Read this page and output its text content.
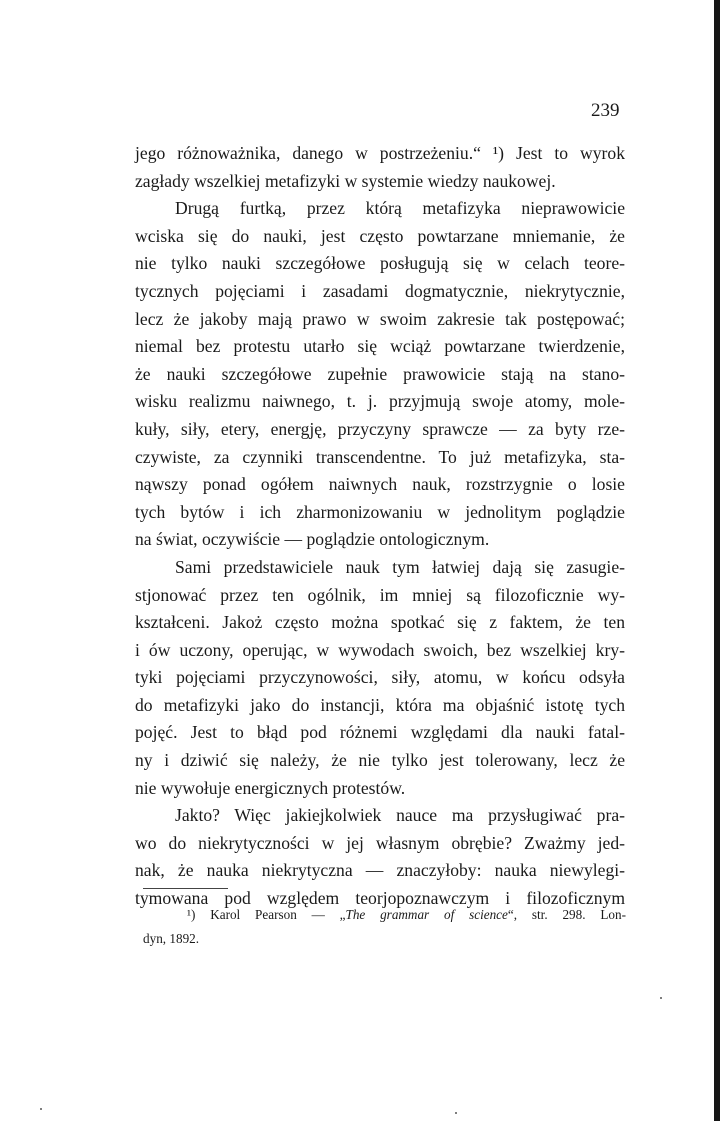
239
jego różnoważnika, danego w postrzeżeniu.“ ¹) Jest to wyrok
zagłady wszelkiej metafizyki w systemie wiedzy naukowej.
Drugą furtką, przez którą metafizyka nieprawowicie
wciska się do nauki, jest często powtarzane mniemanie, że
nie tylko nauki szczegółowe posługują się w celach teore-
tycznych pojęciami i zasadami dogmatycznie, niekrytycznie,
lecz że jakoby mają prawo w swoim zakresie tak postępować;
niemal bez protestu utarło się wciąż powtarzane twierdzenie,
że nauki szczegółowe zupełnie prawowicie stają na stano-
wisku realizmu naiwnego, t. j. przyjmują swoje atomy, mole-
kuły, siły, etery, energję, przyczyny sprawcze — za byty rze-
czywiste, za czynniki transcendentne. To już metafizyka, sta-
nąwszy ponad ogółem naiwnych nauk, rozstrzygnie o losie
tych bytów i ich zharmonizowaniu w jednolitym poglądzie
na świat, oczywiście — poglądzie ontologicznym.
Sami przedstawiciele nauk tym łatwiej dają się zasugie-
stjonować przez ten ogólnik, im mniej są filozoficznie wy-
kształceni. Jakoż często można spotkać się z faktem, że ten
i ów uczony, operując, w wywodach swoich, bez wszelkiej kry-
tyki pojęciami przyczynowości, siły, atomu, w końcu odsyła
do metafizyki jako do instancji, która ma objaśnić istotę tych
pojęć. Jest to błąd pod różnemi względami dla nauki fatal-
ny i dziwić się należy, że nie tylko jest tolerowany, lecz że
nie wywołuje energicznych protestów.
Jakto? Więc jakiejkolwiek nauce ma przysługiwać pra-
wo do niekrytyczności w jej własnym obrębie? Zważmy jed-
nak, że nauka niekrytyczna — znaczyłoby: nauka niewylegi-
tymowana pod względem teorjopoznawczym i filozoficznym
¹) Karol Pearson — „The grammar of science“, str. 298. Lon-
dyn, 1892.
